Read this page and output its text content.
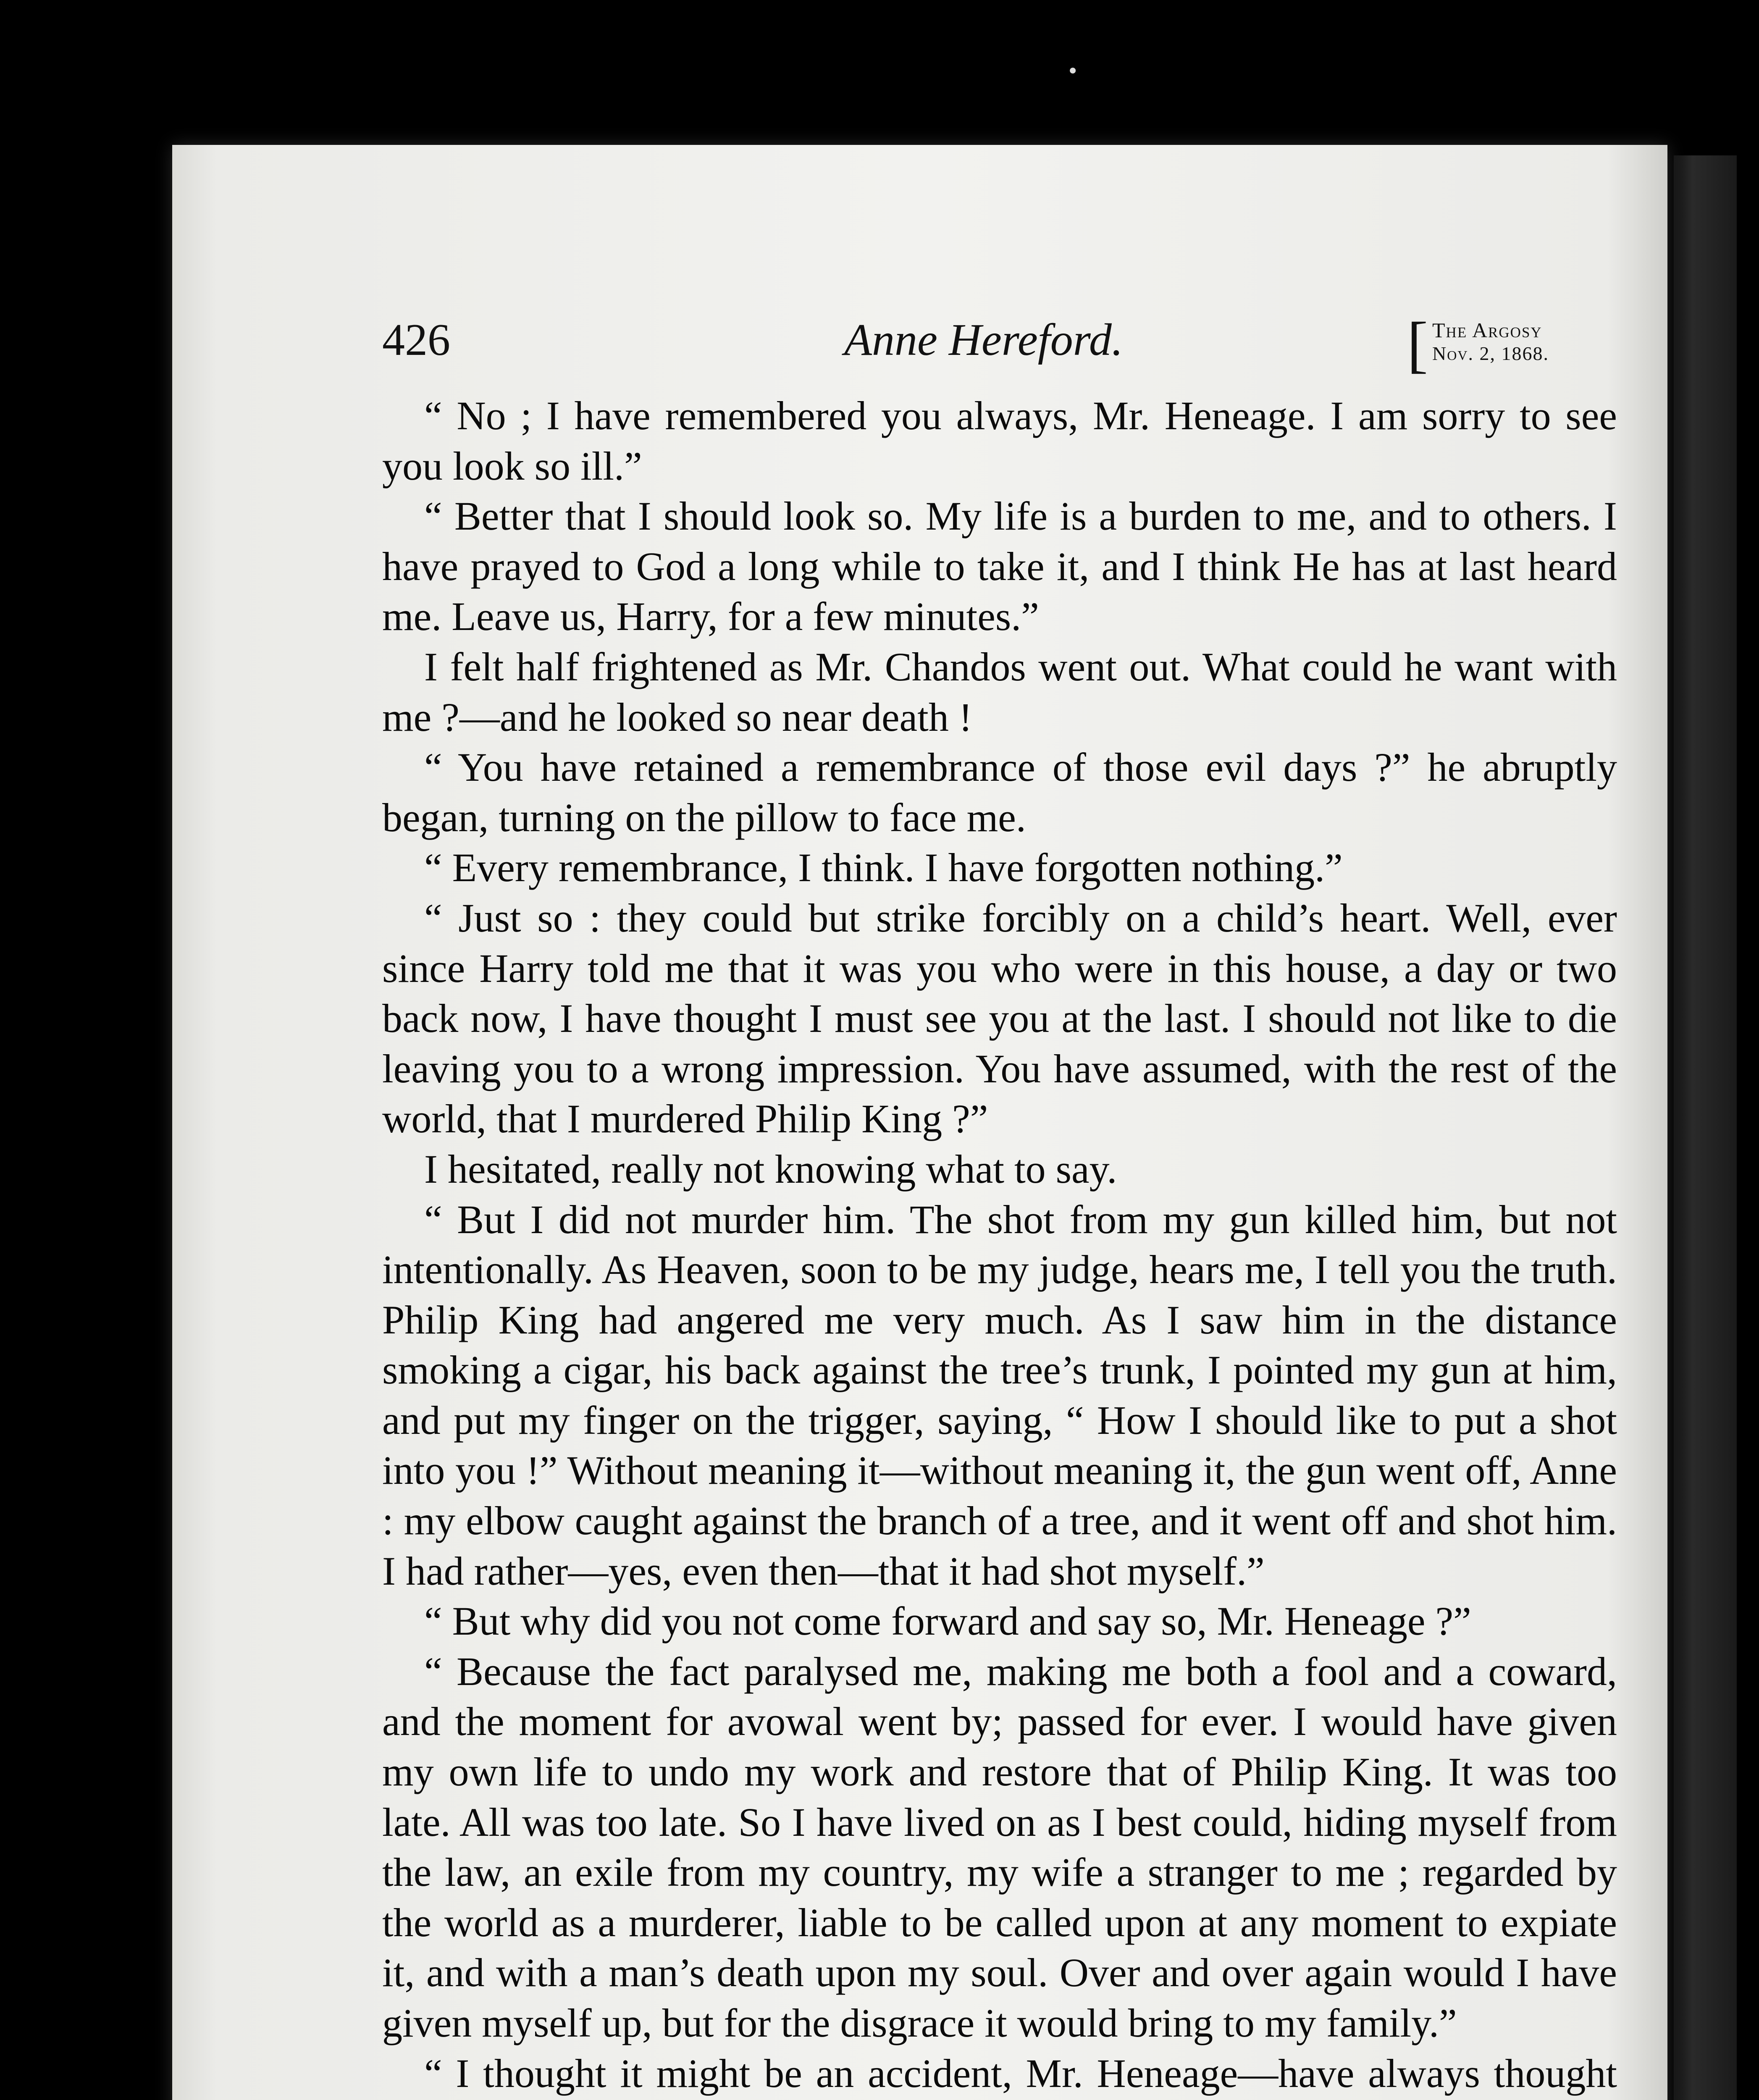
•
426	Anne Hereford.	[ The Argosy
Nov. 2, 1868.

“ No ; I have remembered you always, Mr. Heneage. I am sorry to see you look so ill.”

“ Better that I should look so. My life is a burden to me, and to others. I have prayed to God a long while to take it, and I think He has at last heard me. Leave us, Harry, for a few minutes.”

I felt half frightened as Mr. Chandos went out. What could he want with me ?—and he looked so near death !

“ You have retained a remembrance of those evil days ?” he abruptly began, turning on the pillow to face me.

“ Every remembrance, I think. I have forgotten nothing.”

“ Just so : they could but strike forcibly on a child’s heart. Well, ever since Harry told me that it was you who were in this house, a day or two back now, I have thought I must see you at the last. I should not like to die leaving you to a wrong impression. You have assumed, with the rest of the world, that I murdered Philip King ?”

I hesitated, really not knowing what to say.

“ But I did not murder him. The shot from my gun killed him, but not intentionally. As Heaven, soon to be my judge, hears me, I tell you the truth. Philip King had angered me very much. As I saw him in the distance smoking a cigar, his back against the tree’s trunk, I pointed my gun at him, and put my finger on the trigger, saying, “ How I should like to put a shot into you !” Without meaning it—without meaning it, the gun went off, Anne : my elbow caught against the branch of a tree, and it went off and shot him. I had rather—yes, even then—that it had shot myself.”

“ But why did you not come forward and say so, Mr. Heneage ?”

“ Because the fact paralysed me, making me both a fool and a coward, and the moment for avowal went by; passed for ever. I would have given my own life to undo my work and restore that of Philip King. It was too late. All was too late. So I have lived on as I best could, hiding myself from the law, an exile from my country, my wife a stranger to me ; regarded by the world as a murderer, liable to be called upon at any moment to expiate it, and with a man’s death upon my soul. Over and over again would I have given myself up, but for the disgrace it would bring to my family.”

“ I thought it might be an accident, Mr. Heneage—have always thought
